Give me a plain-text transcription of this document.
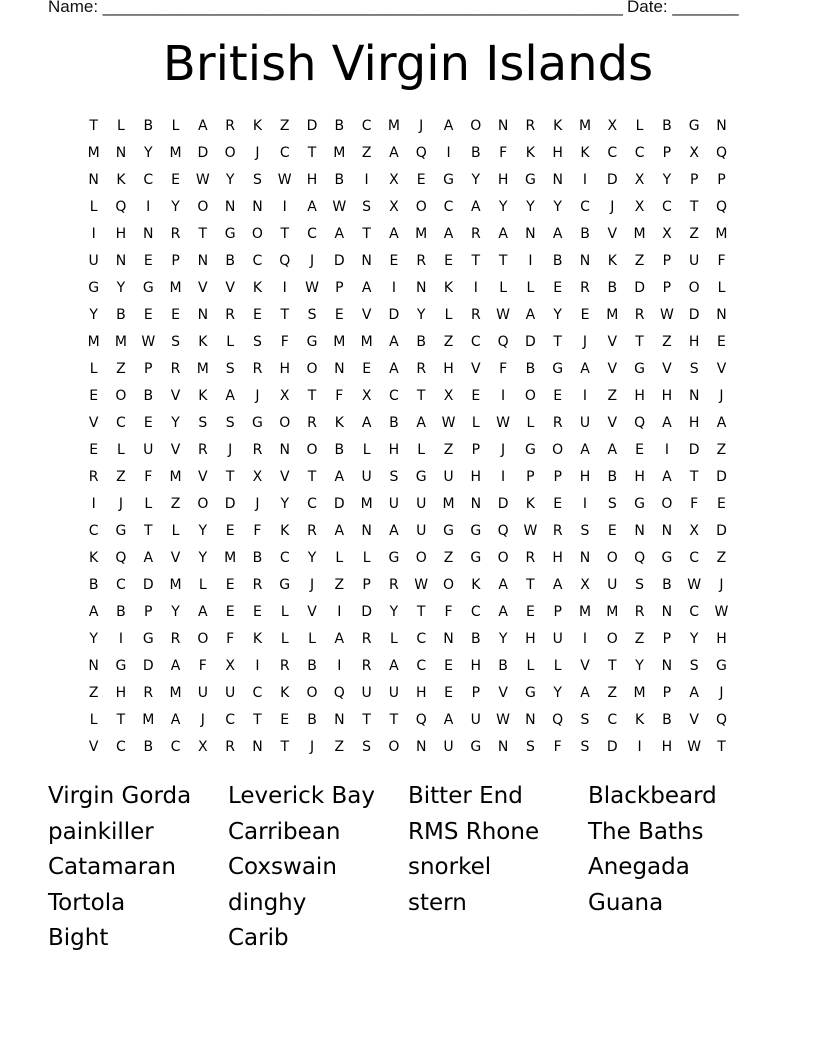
Name: _______________________________________________________ Date: _______
British Virgin Islands
T	L	B	L	A	R	K	Z	D	B	C	M	J	A	O	N	R	K	M	X	L	B	G	N
M	N	Y	M	D	O	J	C	T	M	Z	A	Q	I	B	F	K	H	K	C	C	P	X	Q
N	K	C	E	W	Y	S	W	H	B	I	X	E	G	Y	H	G	N	I	D	X	Y	P	P
L	Q	I	Y	O	N	N	I	A	W	S	X	O	C	A	Y	Y	Y	C	J	X	C	T	Q
I	H	N	R	T	G	O	T	C	A	T	A	M	A	R	A	N	A	B	V	M	X	Z	M
U	N	E	P	N	B	C	Q	J	D	N	E	R	E	T	T	I	B	N	K	Z	P	U	F
G	Y	G	M	V	V	K	I	W	P	A	I	N	K	I	L	L	E	R	B	D	P	O	L
Y	B	E	E	N	R	E	T	S	E	V	D	Y	L	R	W	A	Y	E	M	R	W	D	N
M	M	W	S	K	L	S	F	G	M	M	A	B	Z	C	Q	D	T	J	V	T	Z	H	E
L	Z	P	R	M	S	R	H	O	N	E	A	R	H	V	F	B	G	A	V	G	V	S	V
E	O	B	V	K	A	J	X	T	F	X	C	T	X	E	I	O	E	I	Z	H	H	N	J
V	C	E	Y	S	S	G	O	R	K	A	B	A	W	L	W	L	R	U	V	Q	A	H	A
E	L	U	V	R	J	R	N	O	B	L	H	L	Z	P	J	G	O	A	A	E	I	D	Z
R	Z	F	M	V	T	X	V	T	A	U	S	G	U	H	I	P	P	H	B	H	A	T	D
I	J	L	Z	O	D	J	Y	C	D	M	U	U	M	N	D	K	E	I	S	G	O	F	E
C	G	T	L	Y	E	F	K	R	A	N	A	U	G	G	Q	W	R	S	E	N	N	X	D
K	Q	A	V	Y	M	B	C	Y	L	L	G	O	Z	G	O	R	H	N	O	Q	G	C	Z
B	C	D	M	L	E	R	G	J	Z	P	R	W	O	K	A	T	A	X	U	S	B	W	J
A	B	P	Y	A	E	E	L	V	I	D	Y	T	F	C	A	E	P	M	M	R	N	C	W
Y	I	G	R	O	F	K	L	L	A	R	L	C	N	B	Y	H	U	I	O	Z	P	Y	H
N	G	D	A	F	X	I	R	B	I	R	A	C	E	H	B	L	L	V	T	Y	N	S	G
Z	H	R	M	U	U	C	K	O	Q	U	U	H	E	P	V	G	Y	A	Z	M	P	A	J
L	T	M	A	J	C	T	E	B	N	T	T	Q	A	U	W	N	Q	S	C	K	B	V	Q
V	C	B	C	X	R	N	T	J	Z	S	O	N	U	G	N	S	F	S	D	I	H	W	T
Virgin Gorda	Leverick Bay	Bitter End	Blackbeard
painkiller	Carribean	RMS Rhone	The Baths
Catamaran	Coxswain	snorkel	Anegada
Tortola	dinghy	stern	Guana
Bight	Carib
